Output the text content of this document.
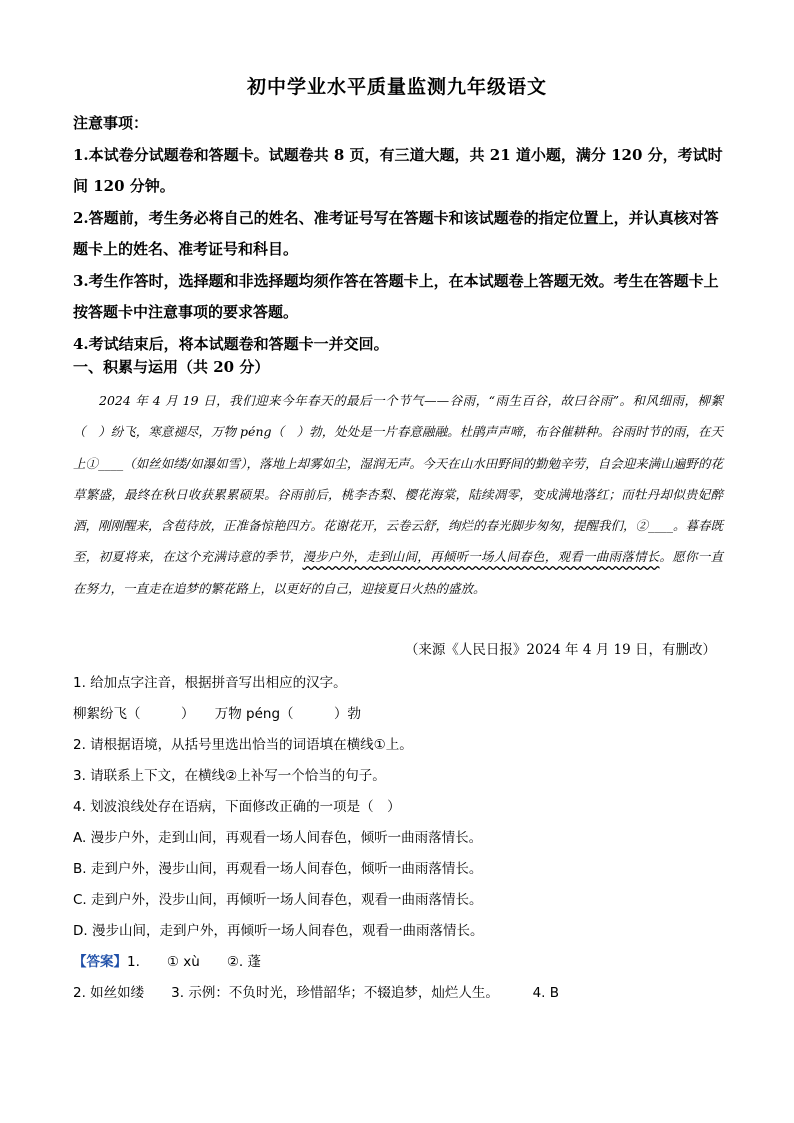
初中学业水平质量监测九年级语文

注意事项：

1.本试卷分试题卷和答题卡。试题卷共 8 页，有三道大题，共 21 道小题，满分 120 分，考试时间 120 分钟。

2.答题前，考生务必将自己的姓名、准考证号写在答题卡和该试题卷的指定位置上，并认真核对答题卡上的姓名、准考证号和科目。

3.考生作答时，选择题和非选择题均须作答在答题卡上，在本试题卷上答题无效。考生在答题卡上按答题卡中注意事项的要求答题。

4.考试结束后，将本试题卷和答题卡一并交回。

一、积累与运用（共 20 分）
2024 年 4 月 19 日，我们迎来今年春天的最后一个节气——谷雨，“雨生百谷，故曰谷雨”。和风细雨，柳絮（　）纷飞，寒意褪尽，万物 péng（　）勃，处处是一片春意融融。杜鹃声声啼，布谷催耕种。谷雨时节的雨，在天上①____（如丝如缕/如瀑如雪），落地上却雾如尘，湿润无声。今天在山水田野间的勤勉辛劳，自会迎来满山遍野的花草繁盛，最终在秋日收获累累硕果。谷雨前后，桃李杏梨、樱花海棠，陆续凋零，变成满地落红；而牡丹却似贵妃醉酒，刚刚醒来，含苞待放，正准备惊艳四方。花谢花开，云卷云舒，绚烂的春光脚步匆匆，提醒我们，②____。暮春既至，初夏将来，在这个充满诗意的季节，漫步户外，走到山间，再倾听一场人间春色，观看一曲雨落情长。愿你一直在努力，一直走在追梦的繁花路上，以更好的自己，迎接夏日火热的盛放。
（来源《人民日报》2024 年 4 月 19 日，有删改）

1. 给加点字注音，根据拼音写出相应的汉字。

柳絮纷飞（　　　）　　万物 péng（　　　）勃

2. 请根据语境，从括号里选出恰当的词语填在横线①上。

3. 请联系上下文，在横线②上补写一个恰当的句子。

4. 划波浪线处存在语病，下面修改正确的一项是（　）

A. 漫步户外，走到山间，再观看一场人间春色，倾听一曲雨落情长。

B. 走到户外，漫步山间，再观看一场人间春色，倾听一曲雨落情长。

C. 走到户外，没步山间，再倾听一场人间春色，观看一曲雨落情长。

D. 漫步山间，走到户外，再倾听一场人间春色，观看一曲雨落情长。

【答案】1.　　① xù　　②. 蓬

2. 如丝如缕　　3. 示例：不负时光，珍惜韶华；不辍追梦，灿烂人生。　　　4. B
